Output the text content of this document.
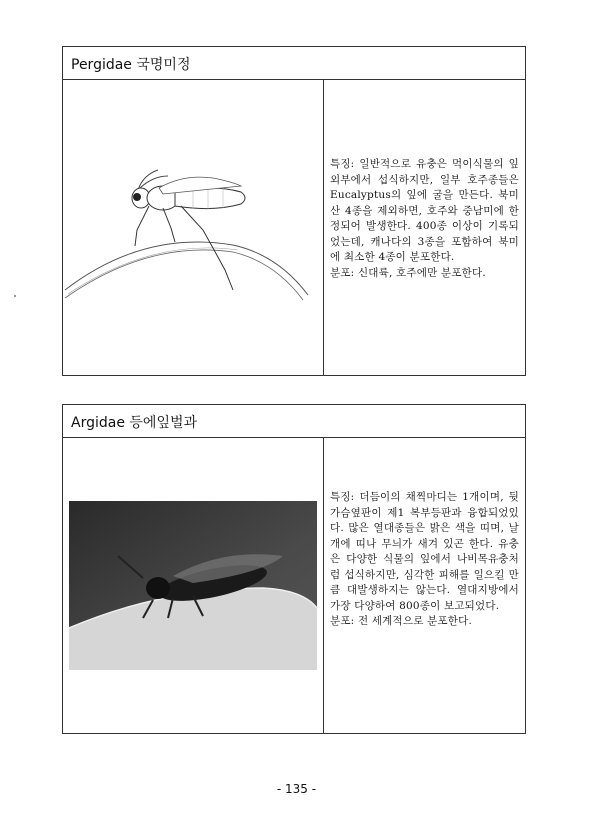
Pergidae 국명미정

특징: 일반적으로 유충은 먹이식물의 잎 외부에서 섭식하지만, 일부 호주종들은 Eucalyptus의 잎에 굴을 만든다. 북미산 4종을 제외하면, 호주와 중남미에 한정되어 발생한다. 400종 이상이 기록되었는데, 캐나다의 3종을 포함하여 북미에 최소한 4종이 분포한다.

분포: 신대륙, 호주에만 분포한다.

Argidae 등에잎벌과

특징: 더듬이의 채찍마디는 1개이며, 뒷가슴옆판이 제1 복부등판과 융합되었있다. 많은 열대종들은 밝은 색을 띠며, 날개에 띠나 무늬가 새겨 있곤 한다. 유충은 다양한 식물의 잎에서 나비목유충처럼 섭식하지만, 심각한 피해를 일으킬 만큼 대발생하지는 않는다. 열대지방에서 가장 다양하여 800종이 보고되었다.

분포: 전 세계적으로 분포한다.

- 135 -
